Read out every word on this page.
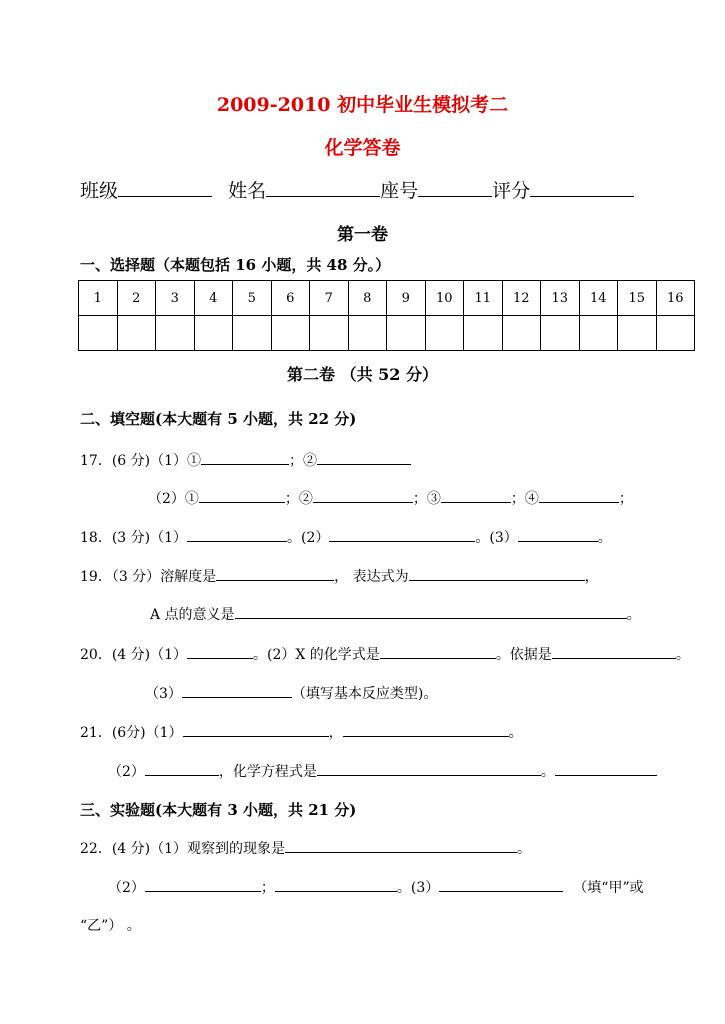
2009-2010 初中毕业生模拟考二
化学答卷
班级	姓名	座号	评分
第一卷
一、选择题（本题包括 16 小题，共 48 分。）
1	2	3	4	5	6	7	8	9	10	11	12	13	14	15	16

第二卷 （共 52 分）
二、填空题(本大题有 5 小题，共 22 分)
17．(6 分)（1）①	；②
（2）①	；②	；③	；④	；
18．(3 分)（1）	。(2）	。(3）	。
19．（3 分）溶解度是	， 表达式为	，
A 点的意义是	。
20．(4 分)（1）	。(2）X 的化学式是	。依据是	。
（3）	（填写基本反应类型)。
21．(6分)（1）	，	。
（2）	，化学方程式是	。
三、实验题(本大题有 3 小题，共 21 分)
22．(4 分)（1）观察到的现象是	。
（2）	；	。(3）	（填“甲”或
“乙”） 。
